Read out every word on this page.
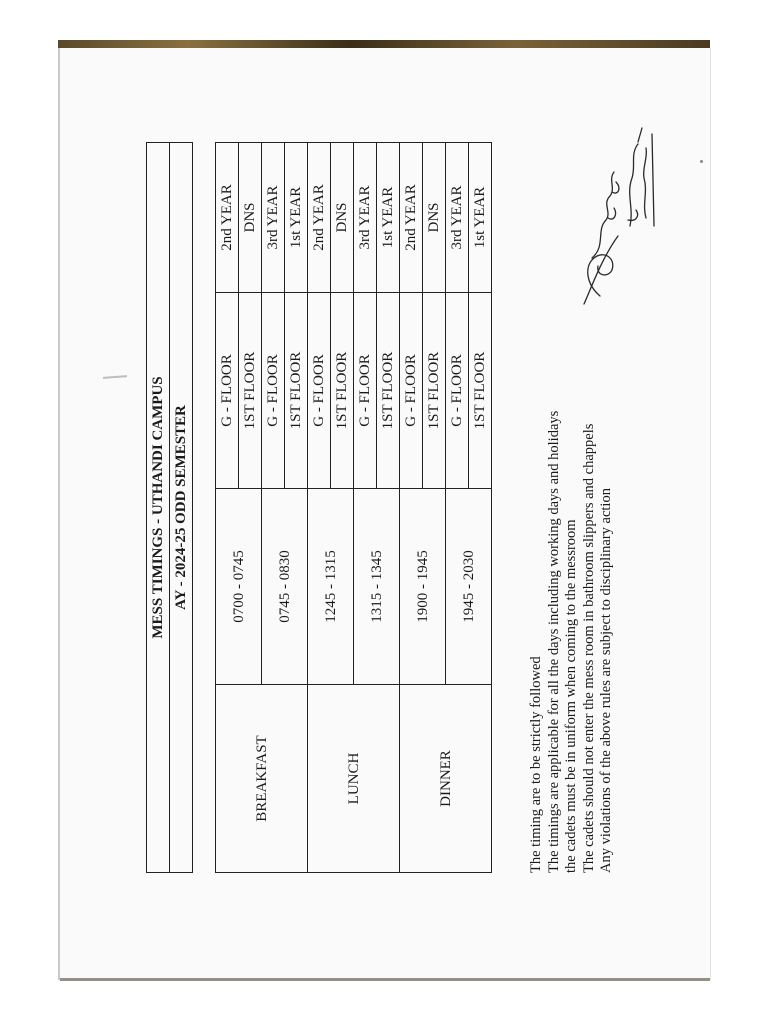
MESS TIMINGS - UTHANDI CAMPUS			
AY - 2024-25 ODD SEMESTER			

BREAKFAST	0700 - 0745	G - FLOOR	2nd YEAR
		1ST FLOOR	DNS
	0745 - 0830	G - FLOOR	3rd YEAR
		1ST FLOOR	1st YEAR
LUNCH	1245 - 1315	G - FLOOR	2nd YEAR
		1ST FLOOR	DNS
	1315 - 1345	G - FLOOR	3rd YEAR
		1ST FLOOR	1st YEAR
DINNER	1900 - 1945	G - FLOOR	2nd YEAR
		1ST FLOOR	DNS
	1945 - 2030	G - FLOOR	3rd YEAR
		1ST FLOOR	1st YEAR
The timing are to be strictly followed The timings are applicable for all the days including working days and holidays the cadets must be in uniform when coming to the messroom The cadets should not enter the mess room in bathroom slippers and chappels Any violations of the above rules are subject to disciplinary action
